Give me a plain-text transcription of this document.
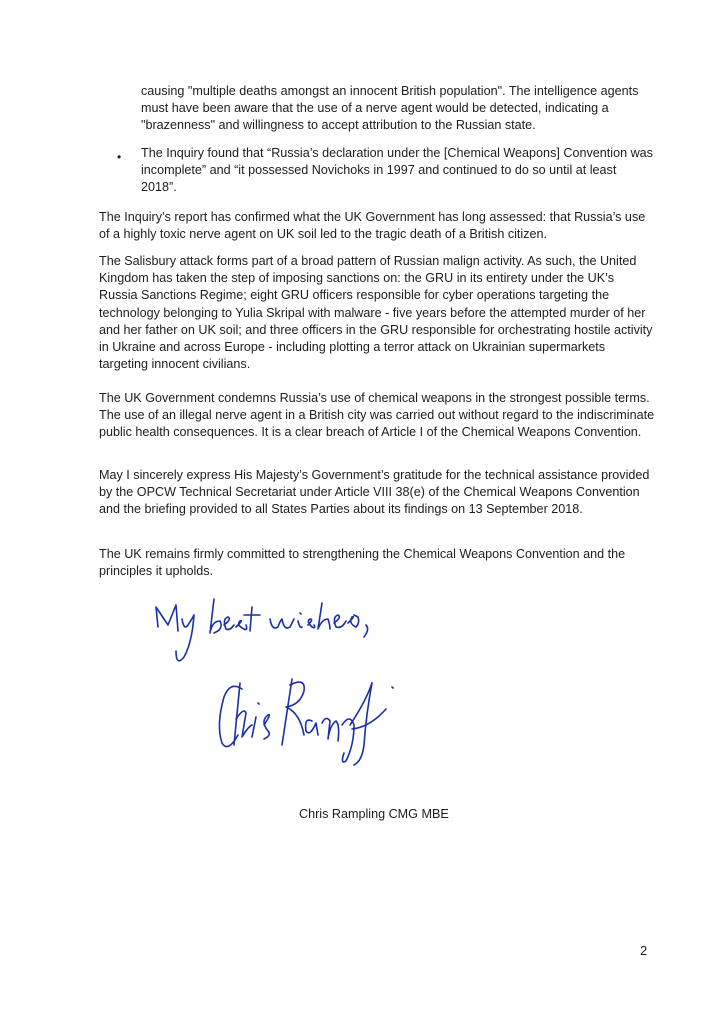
causing "multiple deaths amongst an innocent British population". The intelligence agents must have been aware that the use of a nerve agent would be detected, indicating a "brazenness" and willingness to accept attribution to the Russian state.

• The Inquiry found that “Russia’s declaration under the [Chemical Weapons] Convention was incomplete” and “it possessed Novichoks in 1997 and continued to do so until at least 2018”.

The Inquiry’s report has confirmed what the UK Government has long assessed: that Russia’s use of a highly toxic nerve agent on UK soil led to the tragic death of a British citizen.

The Salisbury attack forms part of a broad pattern of Russian malign activity. As such, the United Kingdom has taken the step of imposing sanctions on: the GRU in its entirety under the UK’s Russia Sanctions Regime; eight GRU officers responsible for cyber operations targeting the technology belonging to Yulia Skripal with malware - five years before the attempted murder of her and her father on UK soil; and three officers in the GRU responsible for orchestrating hostile activity in Ukraine and across Europe - including plotting a terror attack on Ukrainian supermarkets targeting innocent civilians.

The UK Government condemns Russia’s use of chemical weapons in the strongest possible terms. The use of an illegal nerve agent in a British city was carried out without regard to the indiscriminate public health consequences. It is a clear breach of Article I of the Chemical Weapons Convention.

May I sincerely express His Majesty’s Government’s gratitude for the technical assistance provided by the OPCW Technical Secretariat under Article VIII 38(e) of the Chemical Weapons Convention and the briefing provided to all States Parties about its findings on 13 September 2018.

The UK remains firmly committed to strengthening the Chemical Weapons Convention and the principles it upholds.

Chris Rampling CMG MBE
2
